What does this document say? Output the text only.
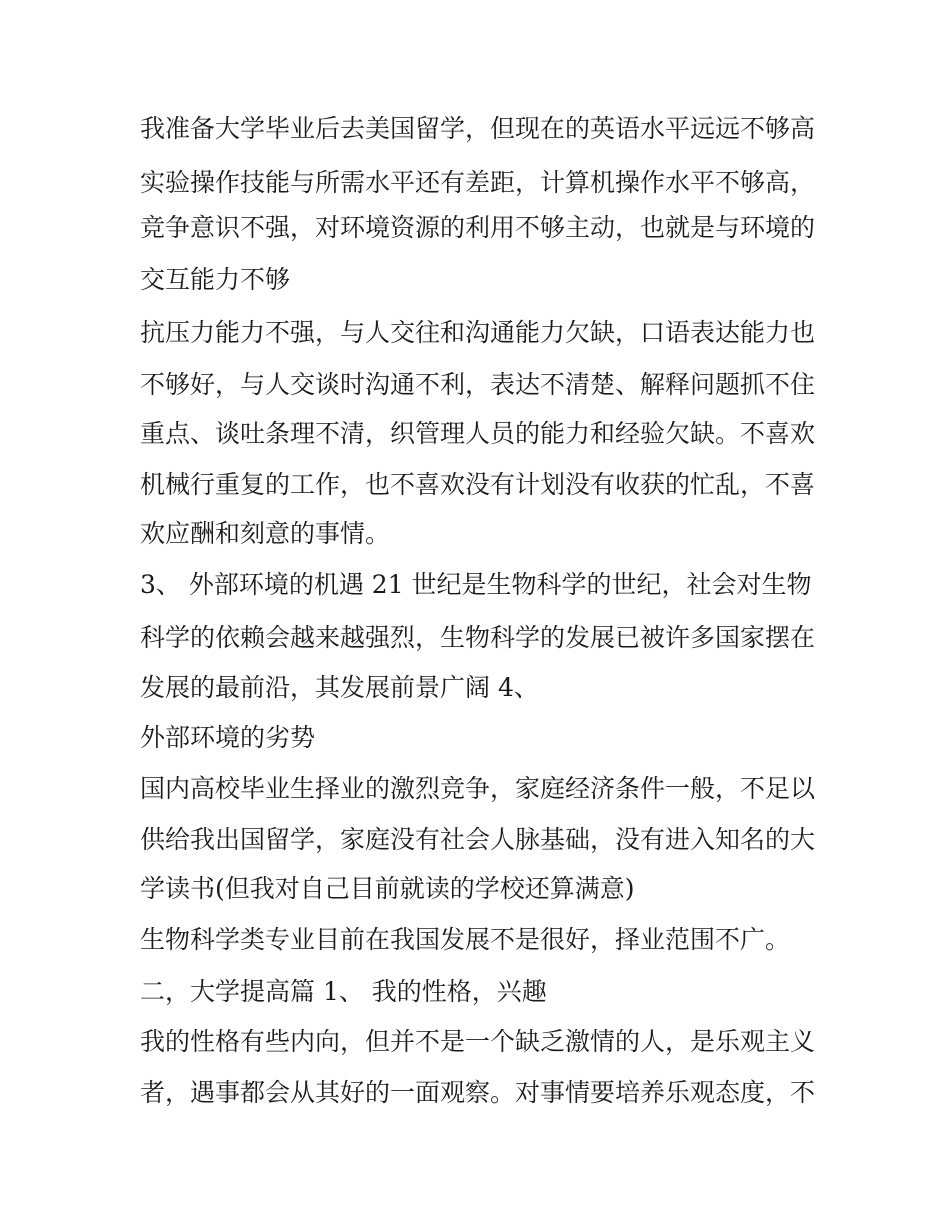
我准备大学毕业后去美国留学，但现在的英语水平远远不够高
实验操作技能与所需水平还有差距，计算机操作水平不够高，
竞争意识不强，对环境资源的利用不够主动，也就是与环境的
交互能力不够
抗压力能力不强，与人交往和沟通能力欠缺，口语表达能力也
不够好，与人交谈时沟通不利，表达不清楚、解释问题抓不住
重点、谈吐条理不清，织管理人员的能力和经验欠缺。不喜欢
机械行重复的工作，也不喜欢没有计划没有收获的忙乱，不喜
欢应酬和刻意的事情。
3、 外部环境的机遇 21 世纪是生物科学的世纪，社会对生物
科学的依赖会越来越强烈，生物科学的发展已被许多国家摆在
发展的最前沿，其发展前景广阔 4、
外部环境的劣势
国内高校毕业生择业的激烈竞争，家庭经济条件一般，不足以
供给我出国留学，家庭没有社会人脉基础，没有进入知名的大
学读书(但我对自己目前就读的学校还算满意)
生物科学类专业目前在我国发展不是很好，择业范围不广。
二，大学提高篇 1、 我的性格，兴趣
我的性格有些内向，但并不是一个缺乏激情的人，是乐观主义
者，遇事都会从其好的一面观察。对事情要培养乐观态度，不
